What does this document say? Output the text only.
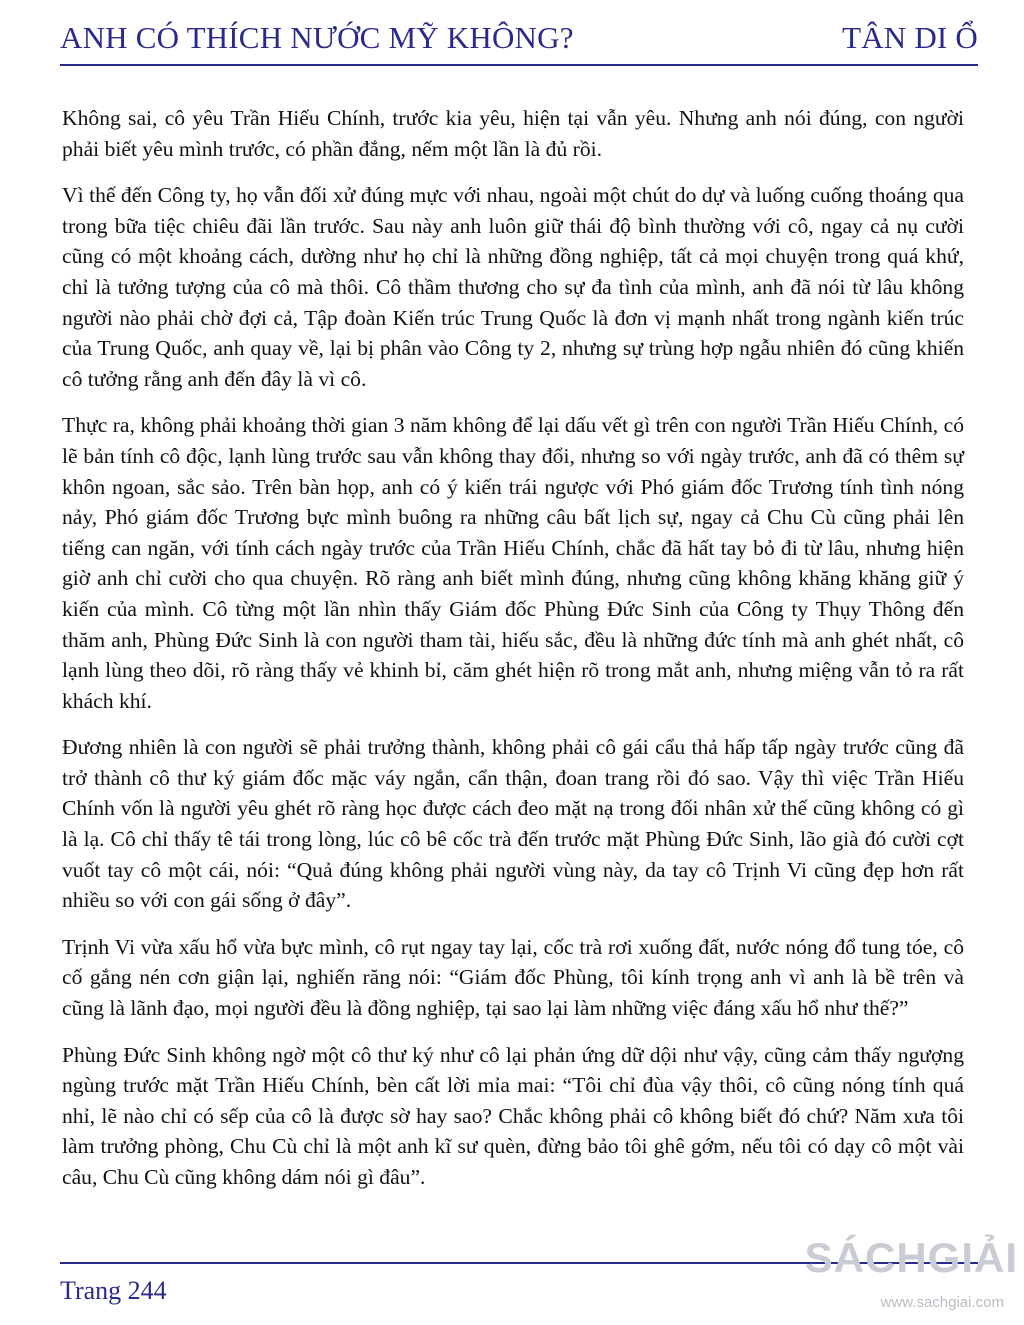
ANH CÓ THÍCH NƯỚC MỸ KHÔNG?	TÂN DI Ổ

Không sai, cô yêu Trần Hiếu Chính, trước kia yêu, hiện tại vẫn yêu. Nhưng anh nói đúng, con người phải biết yêu mình trước, có phần đắng, nếm một lần là đủ rồi.

Vì thế đến Công ty, họ vẫn đối xử đúng mực với nhau, ngoài một chút do dự và luống cuống thoáng qua trong bữa tiệc chiêu đãi lần trước. Sau này anh luôn giữ thái độ bình thường với cô, ngay cả nụ cười cũng có một khoảng cách, dường như họ chỉ là những đồng nghiệp, tất cả mọi chuyện trong quá khứ, chỉ là tưởng tượng của cô mà thôi. Cô thầm thương cho sự đa tình của mình, anh đã nói từ lâu không người nào phải chờ đợi cả, Tập đoàn Kiến trúc Trung Quốc là đơn vị mạnh nhất trong ngành kiến trúc của Trung Quốc, anh quay về, lại bị phân vào Công ty 2, nhưng sự trùng hợp ngẫu nhiên đó cũng khiến cô tưởng rằng anh đến đây là vì cô.

Thực ra, không phải khoảng thời gian 3 năm không để lại dấu vết gì trên con người Trần Hiếu Chính, có lẽ bản tính cô độc, lạnh lùng trước sau vẫn không thay đổi, nhưng so với ngày trước, anh đã có thêm sự khôn ngoan, sắc sảo. Trên bàn họp, anh có ý kiến trái ngược với Phó giám đốc Trương tính tình nóng nảy, Phó giám đốc Trương bực mình buông ra những câu bất lịch sự, ngay cả Chu Cù cũng phải lên tiếng can ngăn, với tính cách ngày trước của Trần Hiếu Chính, chắc đã hất tay bỏ đi từ lâu, nhưng hiện giờ anh chỉ cười cho qua chuyện. Rõ ràng anh biết mình đúng, nhưng cũng không khăng khăng giữ ý kiến của mình. Cô từng một lần nhìn thấy Giám đốc Phùng Đức Sinh của Công ty Thụy Thông đến thăm anh, Phùng Đức Sinh là con người tham tài, hiếu sắc, đều là những đức tính mà anh ghét nhất, cô lạnh lùng theo dõi, rõ ràng thấy vẻ khinh bỉ, căm ghét hiện rõ trong mắt anh, nhưng miệng vẫn tỏ ra rất khách khí.

Đương nhiên là con người sẽ phải trưởng thành, không phải cô gái cẩu thả hấp tấp ngày trước cũng đã trở thành cô thư ký giám đốc mặc váy ngắn, cẩn thận, đoan trang rồi đó sao. Vậy thì việc Trần Hiếu Chính vốn là người yêu ghét rõ ràng học được cách đeo mặt nạ trong đối nhân xử thế cũng không có gì là lạ. Cô chỉ thấy tê tái trong lòng, lúc cô bê cốc trà đến trước mặt Phùng Đức Sinh, lão già đó cười cợt vuốt tay cô một cái, nói: “Quả đúng không phải người vùng này, da tay cô Trịnh Vi cũng đẹp hơn rất nhiều so với con gái sống ở đây”.

Trịnh Vi vừa xấu hổ vừa bực mình, cô rụt ngay tay lại, cốc trà rơi xuống đất, nước nóng đổ tung tóe, cô cố gắng nén cơn giận lại, nghiến răng nói: “Giám đốc Phùng, tôi kính trọng anh vì anh là bề trên và cũng là lãnh đạo, mọi người đều là đồng nghiệp, tại sao lại làm những việc đáng xấu hổ như thế?”

Phùng Đức Sinh không ngờ một cô thư ký như cô lại phản ứng dữ dội như vậy, cũng cảm thấy ngượng ngùng trước mặt Trần Hiếu Chính, bèn cất lời mỉa mai: “Tôi chỉ đùa vậy thôi, cô cũng nóng tính quá nhỉ, lẽ nào chỉ có sếp của cô là được sờ hay sao? Chắc không phải cô không biết đó chứ? Năm xưa tôi làm trưởng phòng, Chu Cù chỉ là một anh kĩ sư quèn, đừng bảo tôi ghê gớm, nếu tôi có dạy cô một vài câu, Chu Cù cũng không dám nói gì đâu”.

Trang 244
SÁCHGIẢI
www.sachgiai.com
